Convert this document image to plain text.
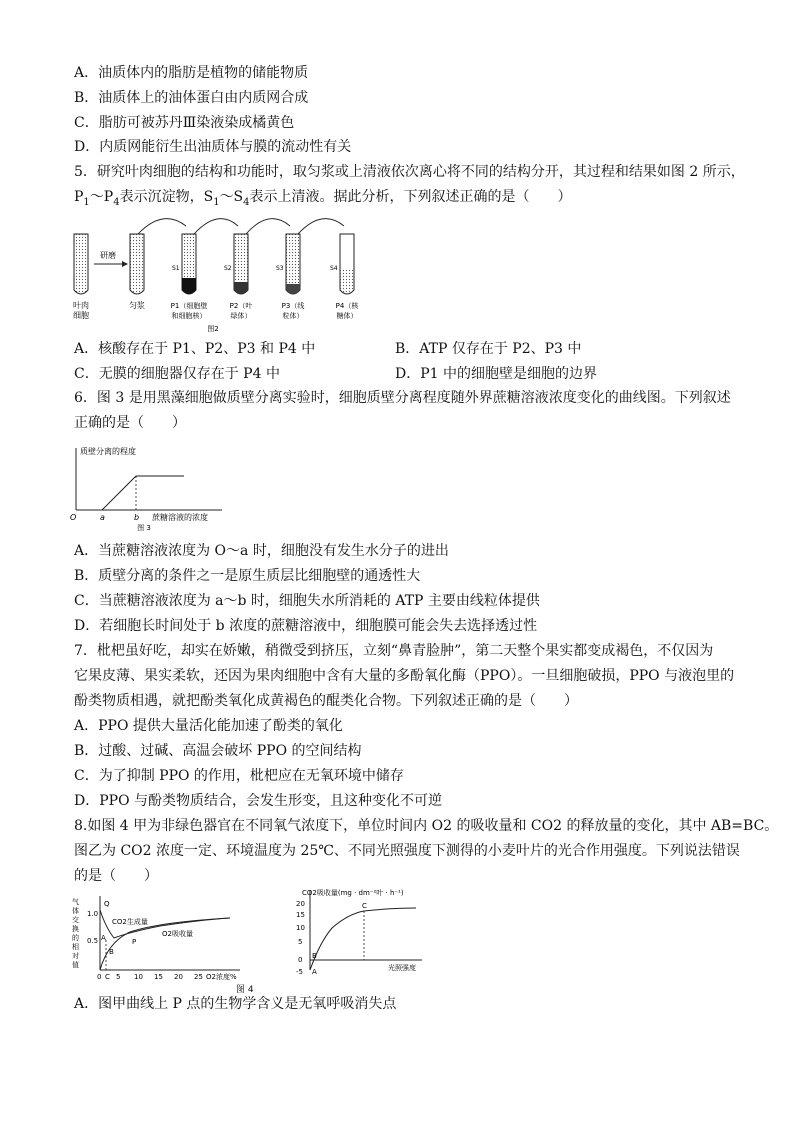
A．油质体内的脂肪是植物的储能物质
B．油质体上的油体蛋白由内质网合成
C．脂肪可被苏丹Ⅲ染液染成橘黄色
D．内质网能衍生出油质体与膜的流动性有关
5．研究叶肉细胞的结构和功能时，取匀浆或上清液依次离心将不同的结构分开，其过程和结果如图 2 所示，
$P_1\sim P_4$表示沉淀物，$S_1\sim S_4$表示上清液。据此分析，下列叙述正确的是（　　）
研磨
S1	S2	S3	S4
叶肉
细胞
匀浆	P1（细胞壁
和细胞核）
P2（叶
绿体）
P3（线
粒体）
P4（核
糖体）
图2
A．核酸存在于 P1、P2、P3 和 P4 中	B．ATP 仅存在于 P2、P3 中
C．无膜的细胞器仅存在于 P4 中	D．P1 中的细胞壁是细胞的边界
6．图 3 是用黑藻细胞做质壁分离实验时，细胞质壁分离程度随外界蔗糖溶液浓度变化的曲线图。下列叙述
正确的是（　　）
质壁分离的程度
O	a	b 蔗糖溶液的浓度
图 3
A．当蔗糖溶液浓度为 O～a 时，细胞没有发生水分子的进出
B．质壁分离的条件之一是原生质层比细胞壁的通透性大
C．当蔗糖溶液浓度为 a～b 时，细胞失水所消耗的 ATP 主要由线粒体提供
D．若细胞长时间处于 b 浓度的蔗糖溶液中，细胞膜可能会失去选择透过性
7．枇杷虽好吃，却实在娇嫩，稍微受到挤压，立刻“鼻青脸肿”，第二天整个果实都变成褐色，不仅因为
它果皮薄、果实柔软，还因为果肉细胞中含有大量的多酚氧化酶（PPO）。一旦细胞破损，PPO 与液泡里的
酚类物质相遇，就把酚类氧化成黄褐色的醌类化合物。下列叙述正确的是（　　）
A．PPO 提供大量活化能加速了酚类的氧化
B．过酸、过碱、高温会破坏 PPO 的空间结构
C．为了抑制 PPO 的作用，枇杷应在无氧环境中储存
D．PPO 与酚类物质结合，会发生形变，且这种变化不可逆
8.如图 4 甲为非绿色器官在不同氧气浓度下，单位时间内 O2 的吸收量和 CO2 的释放量的变化，其中 AB=BC。
图乙为 CO2 浓度一定、环境温度为 25℃、不同光照强度下测得的小麦叶片的光合作用强度。下列说法错误
的是（　　）
气
体
交
换
的
相
对
值
1.0
0.5
Q
A
B
P
CO2生成量
O2吸收量
0 C 5 10 15 20 25 O2浓度%
CO2吸收量(mg · dm⁻²叶 · h⁻¹)
20
15
10
5
0
-5
B
A
C
光照强度
图 4
A．图甲曲线上 P 点的生物学含义是无氧呼吸消失点
